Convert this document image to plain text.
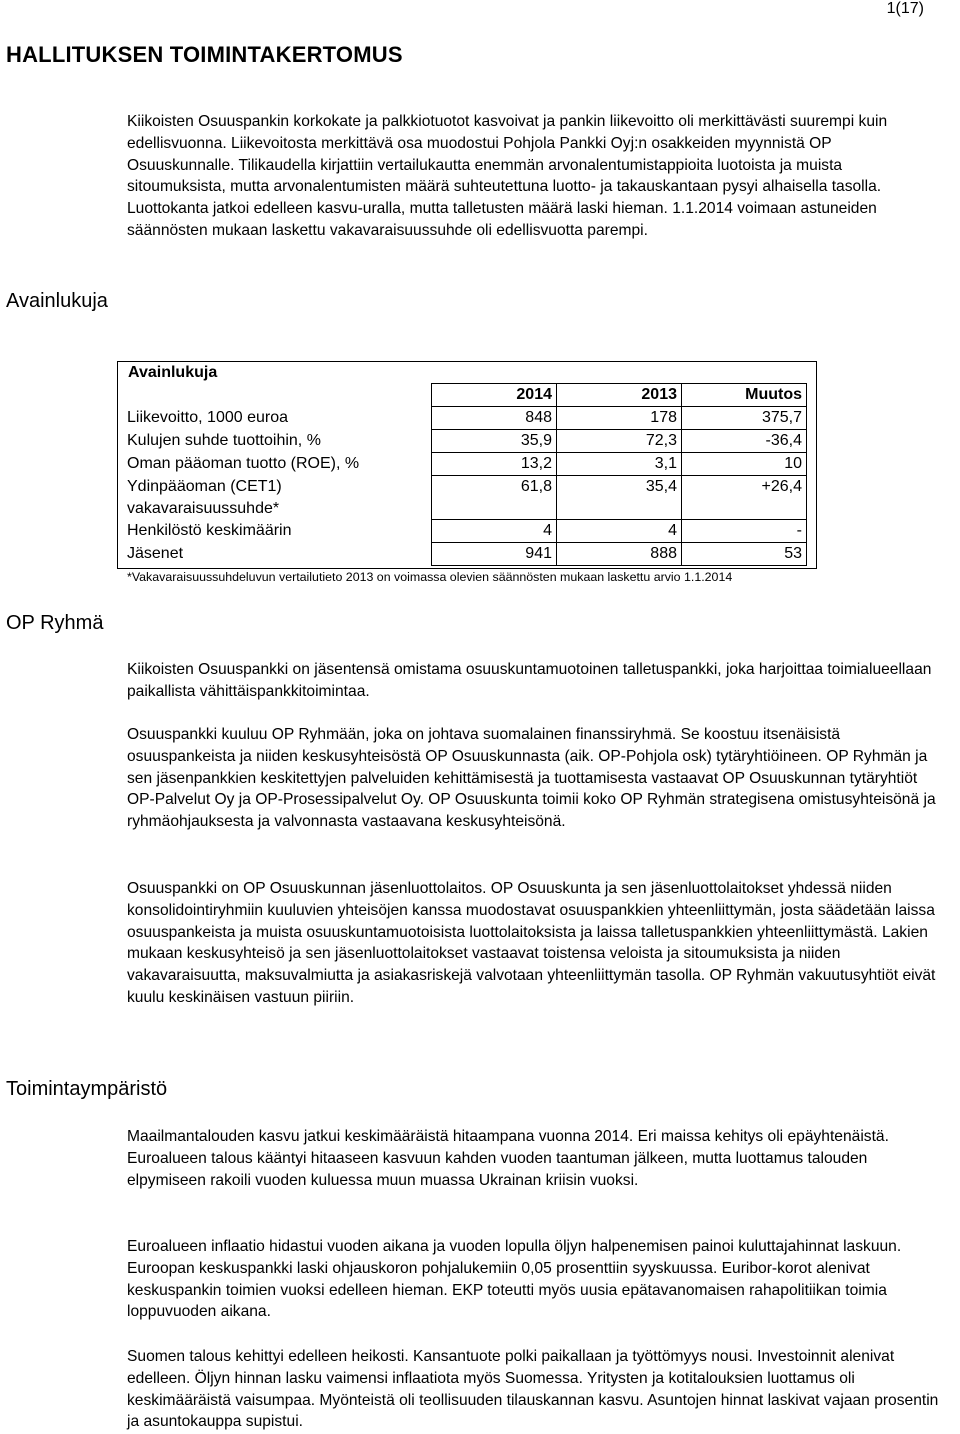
1(17)
HALLITUKSEN TOIMINTAKERTOMUS

Kiikoisten Osuuspankin korkokate ja palkkiotuotot kasvoivat ja pankin liikevoitto oli merkittävästi suurempi kuin edellisvuonna. Liikevoitosta merkittävä osa muodostui Pohjola Pankki Oyj:n osakkeiden myynnistä OP Osuuskunnalle. Tilikaudella kirjattiin vertailukautta enemmän arvonalentumistappioita luotoista ja muista sitoumuksista, mutta arvonalentumisten määrä suhteutettuna luotto- ja takauskantaan pysyi alhaisella tasolla. Luottokanta jatkoi edelleen kasvu-uralla, mutta talletusten määrä laski hieman. 1.1.2014 voimaan astuneiden säännösten mukaan laskettu vakavaraisuussuhde oli edellisvuotta parempi.

Avainlukuja
Avainlukuja
	2014	2013	Muutos
Liikevoitto, 1000 euroa	848	178	375,7
Kulujen suhde tuottoihin, %	35,9	72,3	-36,4
Oman pääoman tuotto (ROE), %	13,2	3,1	10

Ydinpääoman (CET1)
vakavaraisuussuhde*	61,8	35,4	+26,4
Henkilöstö keskimäärin	4	4	-
Jäsenet	941	888	53
*Vakavaraisuussuhdeluvun vertailutieto 2013 on voimassa olevien säännösten mukaan laskettu arvio 1.1.2014
OP Ryhmä

Kiikoisten Osuuspankki on jäsentensä omistama osuuskuntamuotoinen talletuspankki, joka harjoittaa toimialueellaan paikallista vähittäispankkitoimintaa.

Osuuspankki kuuluu OP Ryhmään, joka on johtava suomalainen finanssiryhmä. Se koostuu itsenäisistä osuuspankeista ja niiden keskusyhteisöstä OP Osuuskunnasta (aik. OP-Pohjola osk) tytäryhtiöineen. OP Ryhmän ja sen jäsenpankkien keskitettyjen palveluiden kehittämisestä ja tuottamisesta vastaavat OP Osuuskunnan tytäryhtiöt OP-Palvelut Oy ja OP-Prosessipalvelut Oy. OP Osuuskunta toimii koko OP Ryhmän strategisena omistusyhteisönä ja ryhmäohjauksesta ja valvonnasta vastaavana keskusyhteisönä.

Osuuspankki on OP Osuuskunnan jäsenluottolaitos. OP Osuuskunta ja sen jäsenluottolaitokset yhdessä niiden konsolidointiryhmiin kuuluvien yhteisöjen kanssa muodostavat osuuspankkien yhteenliittymän, josta säädetään laissa osuuspankeista ja muista osuuskuntamuotoisista luottolaitoksista ja laissa talletuspankkien yhteenliittymästä. Lakien mukaan keskusyhteisö ja sen jäsenluottolaitokset vastaavat toistensa veloista ja sitoumuksista ja niiden vakavaraisuutta, maksuvalmiutta ja asiakasriskejä valvotaan yhteenliittymän tasolla. OP Ryhmän vakuutusyhtiöt eivät kuulu keskinäisen vastuun piiriin.

Toimintaympäristö

Maailmantalouden kasvu jatkui keskimääräistä hitaampana vuonna 2014. Eri maissa kehitys oli epäyhtenäistä. Euroalueen talous kääntyi hitaaseen kasvuun kahden vuoden taantuman jälkeen, mutta luottamus talouden elpymiseen rakoili vuoden kuluessa muun muassa Ukrainan kriisin vuoksi.

Euroalueen inflaatio hidastui vuoden aikana ja vuoden lopulla öljyn halpenemisen painoi kuluttajahinnat laskuun. Euroopan keskuspankki laski ohjauskoron pohjalukemiin 0,05 prosenttiin syyskuussa. Euribor-korot alenivat keskuspankin toimien vuoksi edelleen hieman. EKP toteutti myös uusia epätavanomaisen rahapolitiikan toimia loppuvuoden aikana.

Suomen talous kehittyi edelleen heikosti. Kansantuote polki paikallaan ja työttömyys nousi. Investoinnit alenivat edelleen. Öljyn hinnan lasku vaimensi inflaatiota myös Suomessa. Yritysten ja kotitalouksien luottamus oli keskimääräistä vaisumpaa. Myönteistä oli teollisuuden tilauskannan kasvu. Asuntojen hinnat laskivat vajaan prosentin ja asuntokauppa supistui.
